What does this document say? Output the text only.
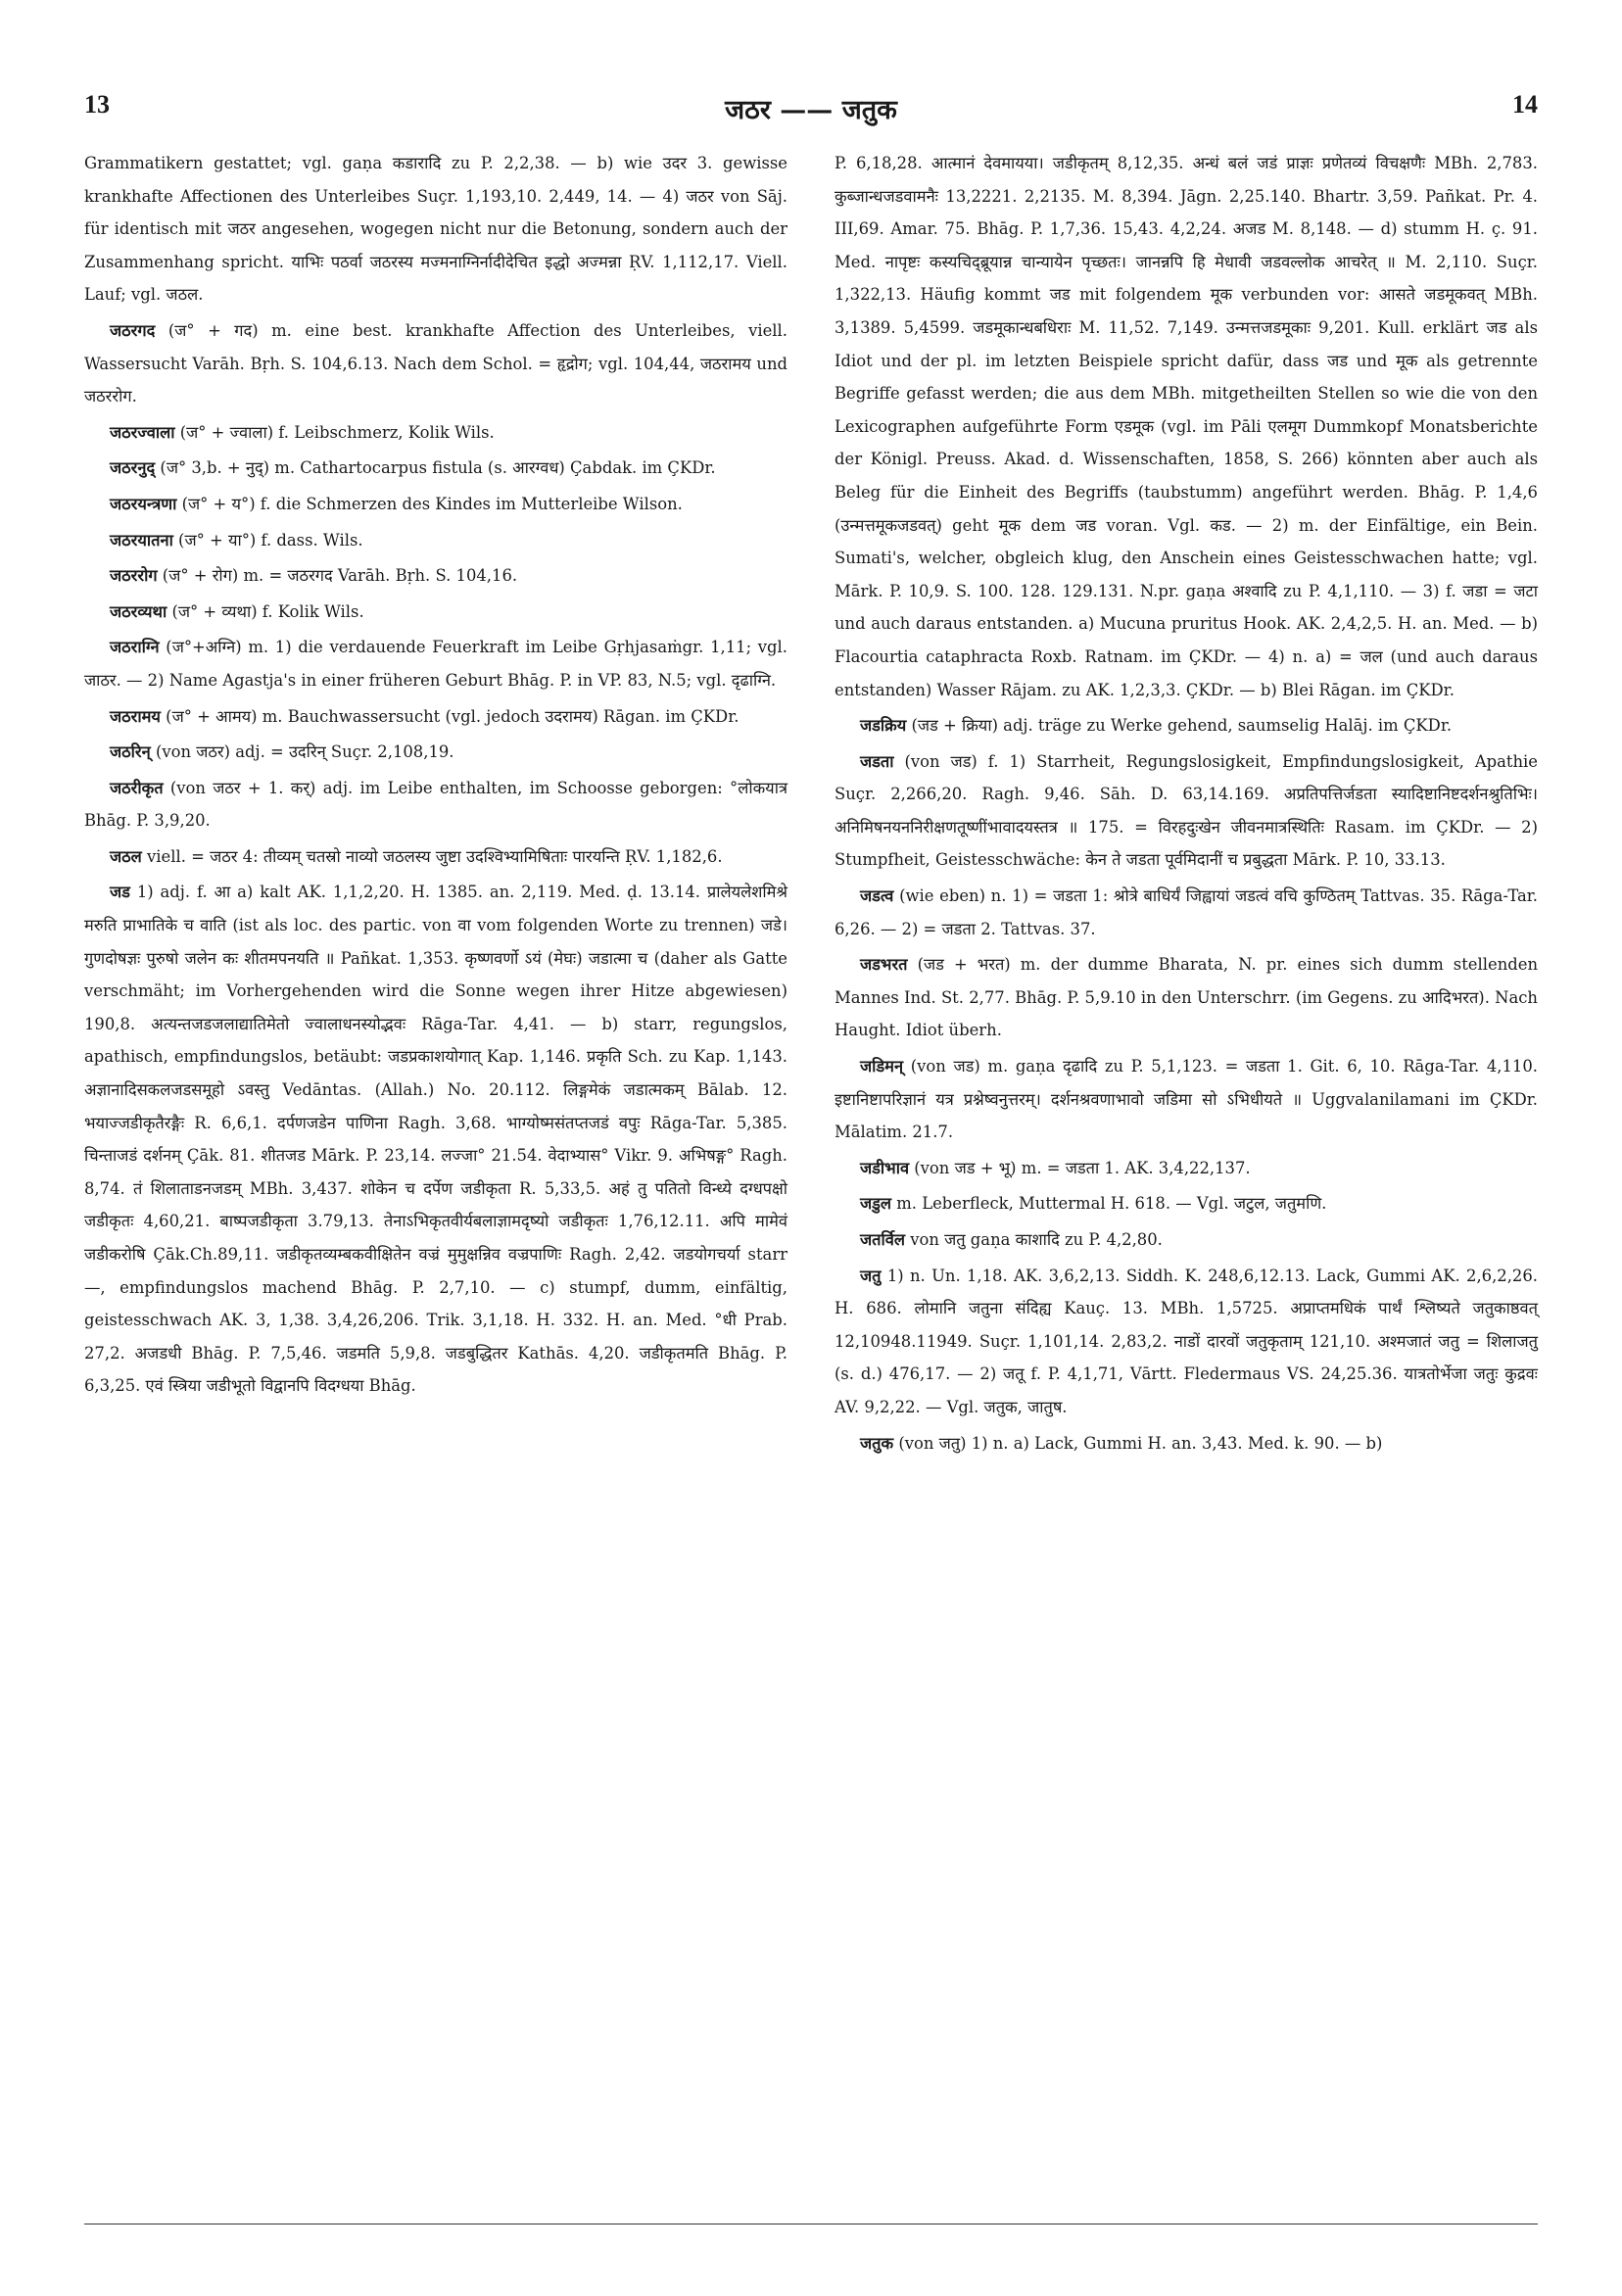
13	जठर —— जतुक	14

Grammatikern gestattet; vgl. gaṇa कडारादि zu P. 2,2,38. — b) wie उदर 3. gewisse krankhafte Affectionen des Unterleibes Suçr. 1,193,10. 2,449, 14. — 4) जठर von Sāj. für identisch mit जठर angesehen, wogegen nicht nur die Betonung, sondern auch der Zusammenhang spricht. याभिः पठर्वा जठरस्य मज्मनाग्निर्नादीदेचित इद्धो अज्मन्ना ṚV. 1,112,17. Viell. Lauf; vgl. जठल.

जठरगद (ज° + गद) m. eine best. krankhafte Affection des Unterleibes, viell. Wassersucht Varāh. Bṛh. S. 104,6.13. Nach dem Schol. = हृद्रोग; vgl. 104,44, जठरामय und जठररोग.

जठरज्वाला (ज° + ज्वाला) f. Leibschmerz, Kolik Wils.

जठरनुद् (ज° 3,b. + नुद्) m. Cathartocarpus fistula (s. आरग्वध) Çabdak. im ÇKDr.

जठरयन्त्रणा (ज° + य°) f. die Schmerzen des Kindes im Mutterleibe Wilson.

जठरयातना (ज° + या°) f. dass. Wils.

जठररोग (ज° + रोग) m. = जठरगद Varāh. Bṛh. S. 104,16.

जठरव्यथा (ज° + व्यथा) f. Kolik Wils.

जठराग्नि (ज°+अग्नि) m. 1) die verdauende Feuerkraft im Leibe Gṛhjasaṁgr. 1,11; vgl. जाठर. — 2) Name Agastja's in einer früheren Geburt Bhāg. P. in VP. 83, N.5; vgl. दृढाग्नि.

जठरामय (ज° + आमय) m. Bauchwassersucht (vgl. jedoch उदरामय) Rāgan. im ÇKDr.

जठरिन् (von जठर) adj. = उदरिन् Suçr. 2,108,19.

जठरीकृत (von जठर + 1. कर्) adj. im Leibe enthalten, im Schoosse geborgen: °लोकयात्र Bhāg. P. 3,9,20.

जठल viell. = जठर 4: तीव्यम् चतस्रो नाव्यो जठलस्य जुष्टा उदश्विभ्यामिषिताः पारयन्ति ṚV. 1,182,6.

जड 1) adj. f. आ a) kalt AK. 1,1,2,20. H. 1385. an. 2,119. Med. ḍ. 13.14. प्रालेयलेशमिश्रे मरुति प्राभातिके च वाति (ist als loc. des partic. von वा vom folgenden Worte zu trennen) जडे। गुणदोषज्ञः पुरुषो जलेन कः शीतमपनयति ॥ Pañkat. 1,353. कृष्णवर्णो ऽयं (मेघः) जडात्मा च (daher als Gatte verschmäht; im Vorhergehenden wird die Sonne wegen ihrer Hitze abgewiesen) 190,8. अत्यन्तजडजलाद्यातिमेतो ज्वालाधनस्योद्भवः Rāga-Tar. 4,41. — b) starr, regungslos, apathisch, empfindungslos, betäubt: जडप्रकाशयोगात् Kap. 1,146. प्रकृति Sch. zu Kap. 1,143. अज्ञानादिसकलजडसमूहो ऽवस्तु Vedāntas. (Allah.) No. 20.112. लिङ्गमेकं जडात्मकम् Bālab. 12. भयाज्जडीकृतैरङ्गैः R. 6,6,1. दर्पणजडेन पाणिना Ragh. 3,68. भाग्योष्मसंतप्तजडं वपुः Rāga-Tar. 5,385. चिन्ताजडं दर्शनम् Çāk. 81. शीतजड Mārk. P. 23,14. लज्जा° 21.54. वेदाभ्यास° Vikr. 9. अभिषङ्ग° Ragh. 8,74. तं शिलाताडनजडम् MBh. 3,437. शोकेन च दर्पेण जडीकृता R. 5,33,5. अहं तु पतितो विन्ध्ये दग्धपक्षो जडीकृतः 4,60,21. बाष्पजडीकृता 3.79,13. तेनाऽभिकृतवीर्यबलाज्ञामदृष्यो जडीकृतः 1,76,12.11. अपि मामेवं जडीकरोषि Çāk.Ch.89,11. जडीकृतव्यम्बकवीक्षितेन वज्रं मुमुक्षन्निव वज्रपाणिः Ragh. 2,42. जडयोगचर्या starr —, empfindungslos machend Bhāg. P. 2,7,10. — c) stumpf, dumm, einfältig, geistesschwach AK. 3, 1,38. 3,4,26,206. Trik. 3,1,18. H. 332. H. an. Med. °धी Prab. 27,2. अजडधी Bhāg. P. 7,5,46. जडमति 5,9,8. जडबुद्धितर Kathās. 4,20. जडीकृतमति Bhāg. P. 6,3,25. एवं स्त्रिया जडीभूतो विद्वानपि विदग्धया Bhāg.

P. 6,18,28. आत्मानं देवमायया। जडीकृतम् 8,12,35. अन्धं बलं जडं प्राज्ञः प्रणेतव्यं विचक्षणैः MBh. 2,783. कुब्जान्धजडवामनैः 13,2221. 2,2135. M. 8,394. Jāgn. 2,25.140. Bhartr. 3,59. Pañkat. Pr. 4. III,69. Amar. 75. Bhāg. P. 1,7,36. 15,43. 4,2,24. अजड M. 8,148. — d) stumm H. ç. 91. Med. नापृष्टः कस्यचिद्ब्रूयान्न चान्यायेन पृच्छतः। जानन्नपि हि मेधावी जडवल्लोक आचरेत् ॥ M. 2,110. Suçr. 1,322,13. Häufig kommt जड mit folgendem मूक verbunden vor: आसते जडमूकवत् MBh. 3,1389. 5,4599. जडमूकान्धबधिराः M. 11,52. 7,149. उन्मत्तजडमूकाः 9,201. Kull. erklärt जड als Idiot und der pl. im letzten Beispiele spricht dafür, dass जड und मूक als getrennte Begriffe gefasst werden; die aus dem MBh. mitgetheilten Stellen so wie die von den Lexicographen aufgeführte Form एडमूक (vgl. im Pāli एलमूग Dummkopf Monatsberichte der Königl. Preuss. Akad. d. Wissenschaften, 1858, S. 266) könnten aber auch als Beleg für die Einheit des Begriffs (taubstumm) angeführt werden. Bhāg. P. 1,4,6 (उन्मत्तमूकजडवत्) geht मूक dem जड voran. Vgl. कड. — 2) m. der Einfältige, ein Bein. Sumati's, welcher, obgleich klug, den Anschein eines Geistesschwachen hatte; vgl. Mārk. P. 10,9. S. 100. 128. 129.131. N.pr. gaṇa अश्वादि zu P. 4,1,110. — 3) f. जडा = जटा und auch daraus entstanden. a) Mucuna pruritus Hook. AK. 2,4,2,5. H. an. Med. — b) Flacourtia cataphracta Roxb. Ratnam. im ÇKDr. — 4) n. a) = जल (und auch daraus entstanden) Wasser Rājam. zu AK. 1,2,3,3. ÇKDr. — b) Blei Rāgan. im ÇKDr.

जडक्रिय (जड + क्रिया) adj. träge zu Werke gehend, saumselig Halāj. im ÇKDr.

जडता (von जड) f. 1) Starrheit, Regungslosigkeit, Empfindungslosigkeit, Apathie Suçr. 2,266,20. Ragh. 9,46. Sāh. D. 63,14.169. अप्रतिपत्तिर्जडता स्यादिष्टानिष्टदर्शनश्रुतिभिः। अनिमिषनयननिरीक्षणतूष्णींभावादयस्तत्र ॥ 175. = विरहदुःखेन जीवनमात्रस्थितिः Rasam. im ÇKDr. — 2) Stumpfheit, Geistesschwäche: केन ते जडता पूर्वमिदानीं च प्रबुद्धता Mārk. P. 10, 33.13.

जडत्व (wie eben) n. 1) = जडता 1: श्रोत्रे बाधिर्यं जिह्वायां जडत्वं वचि कुण्ठितम् Tattvas. 35. Rāga-Tar. 6,26. — 2) = जडता 2. Tattvas. 37.

जडभरत (जड + भरत) m. der dumme Bharata, N. pr. eines sich dumm stellenden Mannes Ind. St. 2,77. Bhāg. P. 5,9.10 in den Unterschrr. (im Gegens. zu आदिभरत). Nach Haught. Idiot überh.

जडिमन् (von जड) m. gaṇa दृढादि zu P. 5,1,123. = जडता 1. Git. 6, 10. Rāga-Tar. 4,110. इष्टानिष्टापरिज्ञानं यत्र प्रश्नेष्वनुत्तरम्। दर्शनश्रवणाभावो जडिमा सो ऽभिधीयते ॥ Uggvalanilamani im ÇKDr. Mālatim. 21.7.

जडीभाव (von जड + भू) m. = जडता 1. AK. 3,4,22,137.

जडुल m. Leberfleck, Muttermal H. 618. — Vgl. जटुल, जतुमणि.

जतर्विल von जतु gaṇa काशादि zu P. 4,2,80.

जतु 1) n. Un. 1,18. AK. 3,6,2,13. Siddh. K. 248,6,12.13. Lack, Gummi AK. 2,6,2,26. H. 686. लोमानि जतुना संदिह्य Kauç. 13. MBh. 1,5725. अप्राप्तमधिकं पार्थं श्लिष्यते जतुकाष्ठवत् 12,10948.11949. Suçr. 1,101,14. 2,83,2. नाडों दारवों जतुकृताम् 121,10. अश्मजातं जतु = शिलाजतु (s. d.) 476,17. — 2) जतू f. P. 4,1,71, Vārtt. Fledermaus VS. 24,25.36. यात्रतोर्भेजा जतुः कुद्रवः AV. 9,2,22. — Vgl. जतुक, जातुष.

जतुक (von जतु) 1) n. a) Lack, Gummi H. an. 3,43. Med. k. 90. — b)
